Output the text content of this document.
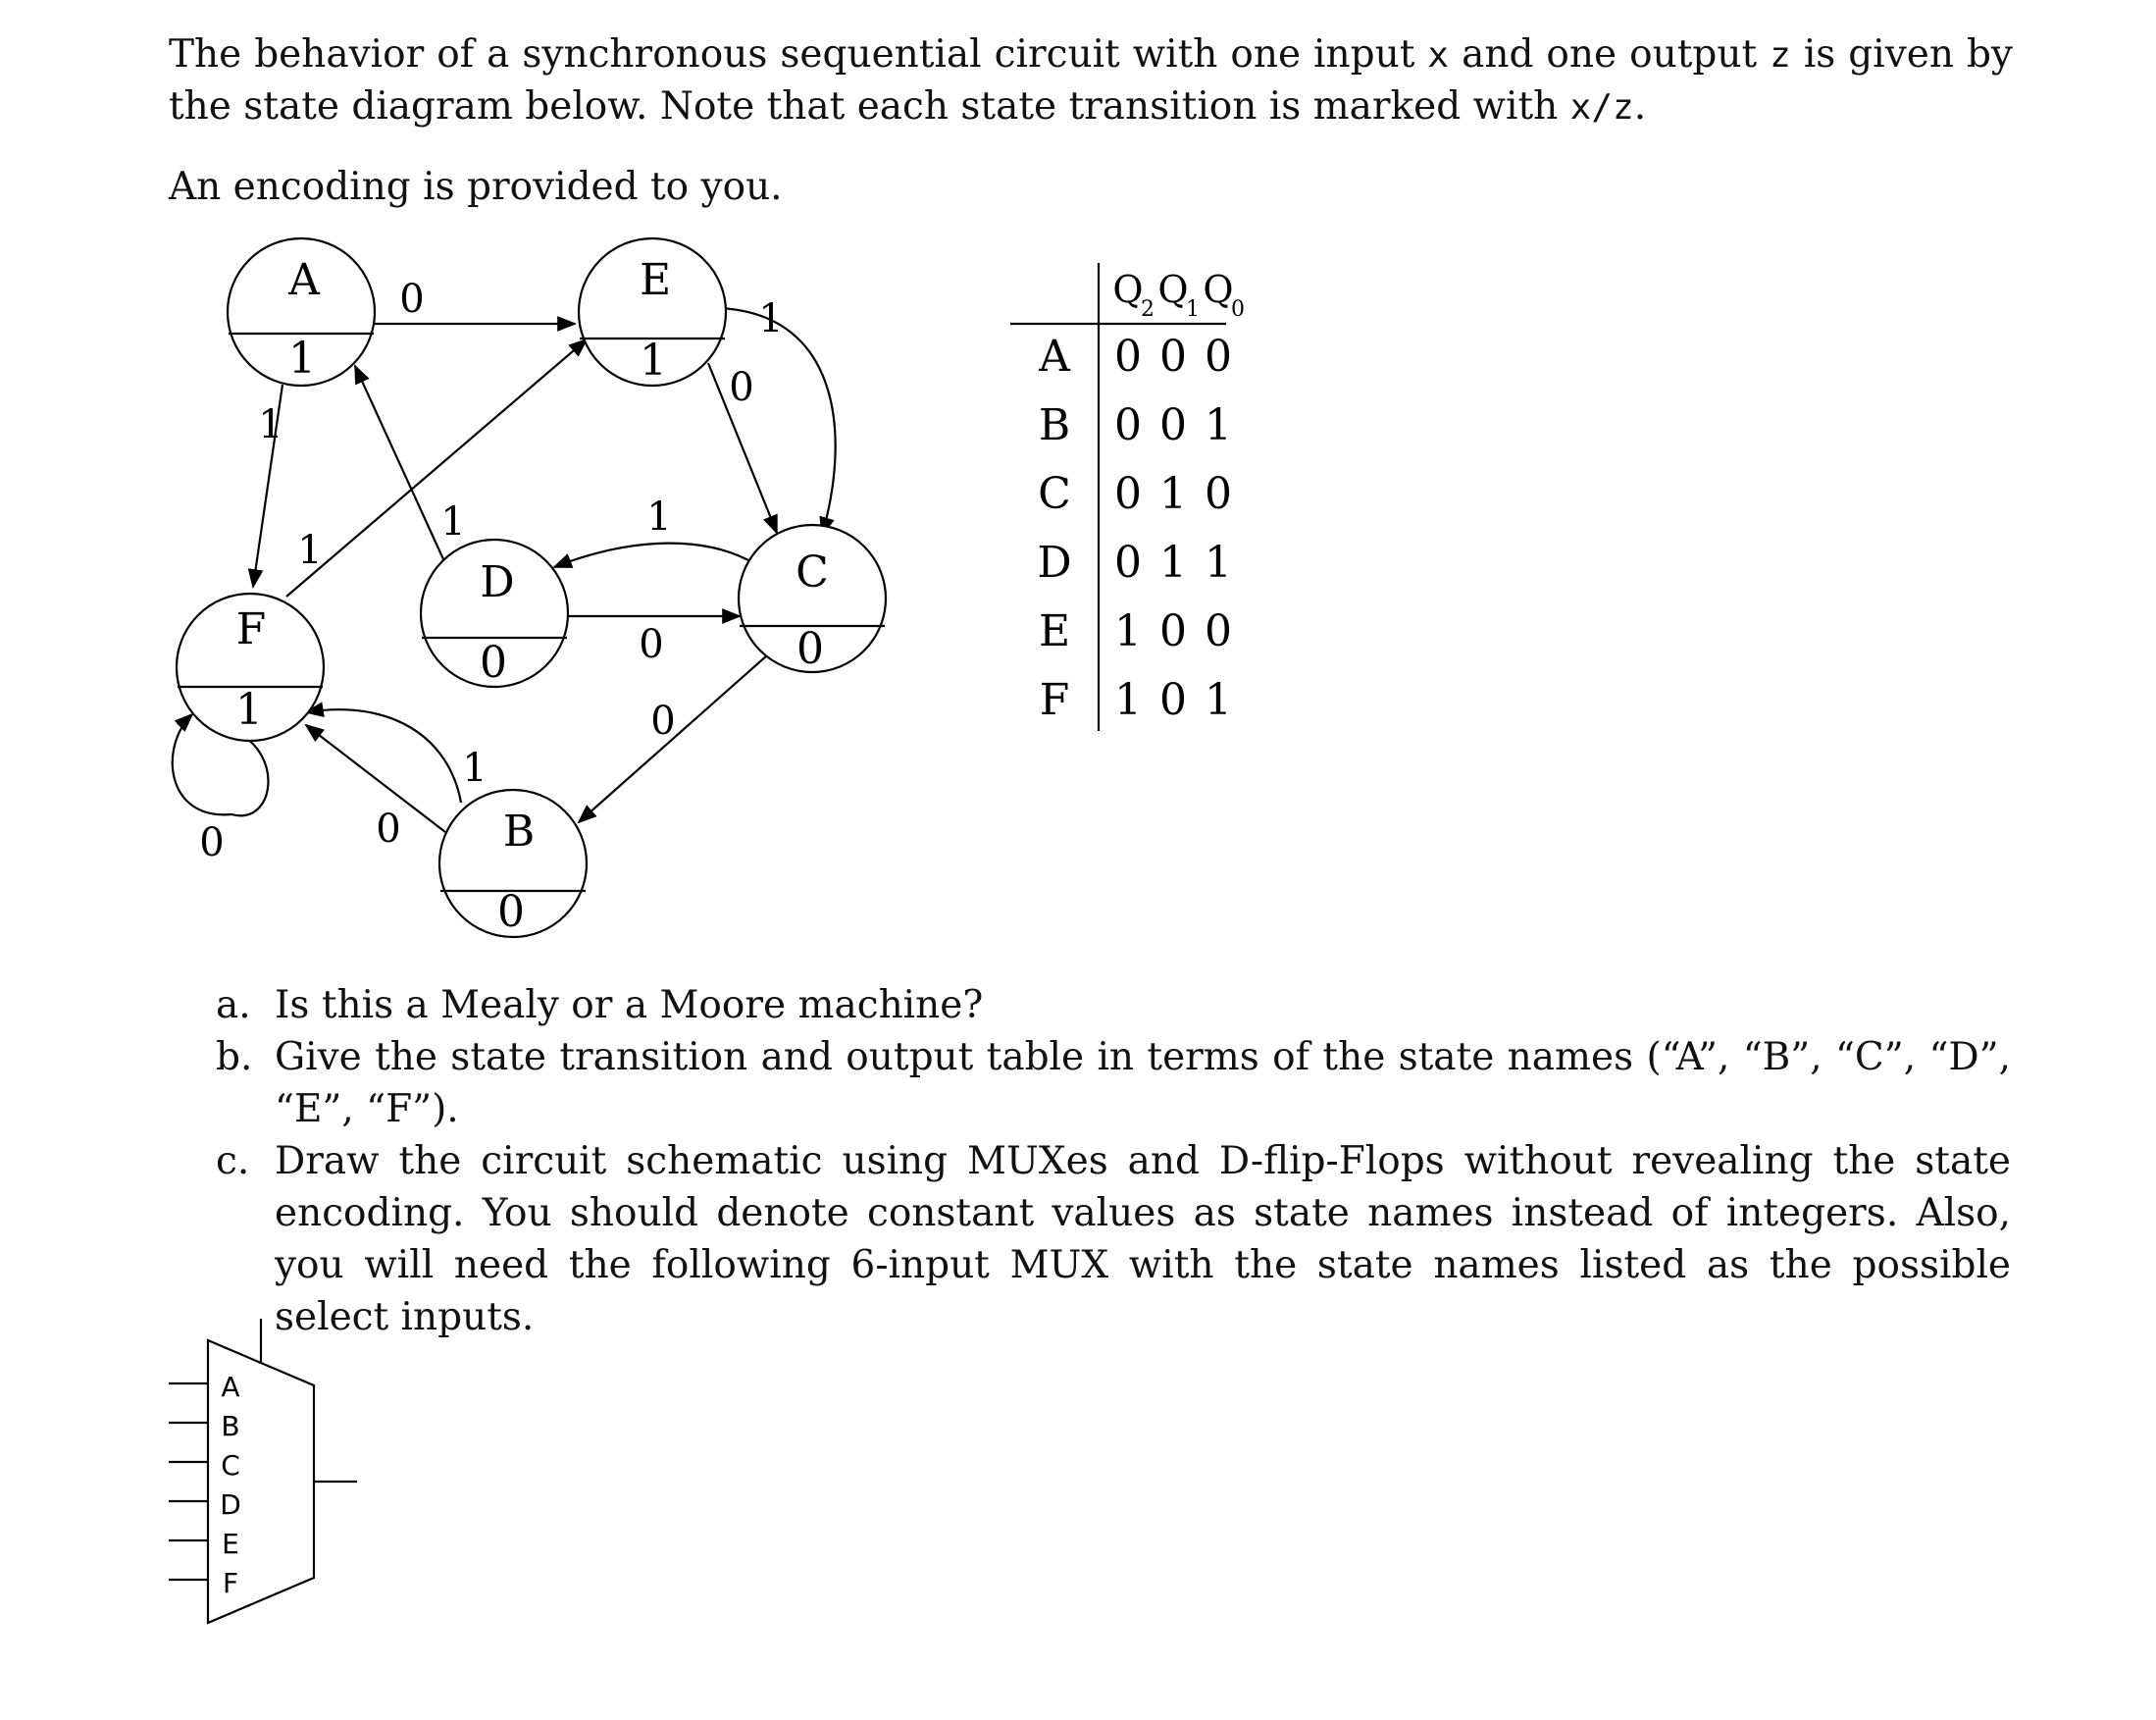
The behavior of a synchronous sequential circuit with one input x and one output z is given by the state diagram below. Note that each state transition is marked with x/z.
An encoding is provided to you.
A
1
E
1
D
0
C
0
F
1
B
0
0
1
1
0
1
1	1
0
0
1
0
0
Q Q Q
2 1 0
A 0 0 0
B 0 0 1
C 0 1 0
D 0 1 1
E 1 0 0
F 1 0 1
a. Is this a Mealy or a Moore machine?
b. Give the state transition and output table in terms of the state names (“A”, “B”, “C”, “D”, “E”, “F”).
c. Draw the circuit schematic using MUXes and D-flip-Flops without revealing the state encoding. You should denote constant values as state names instead of integers. Also, you will need the following 6-input MUX with the state names listed as the possible select inputs.
A
B
C
D
E
F
